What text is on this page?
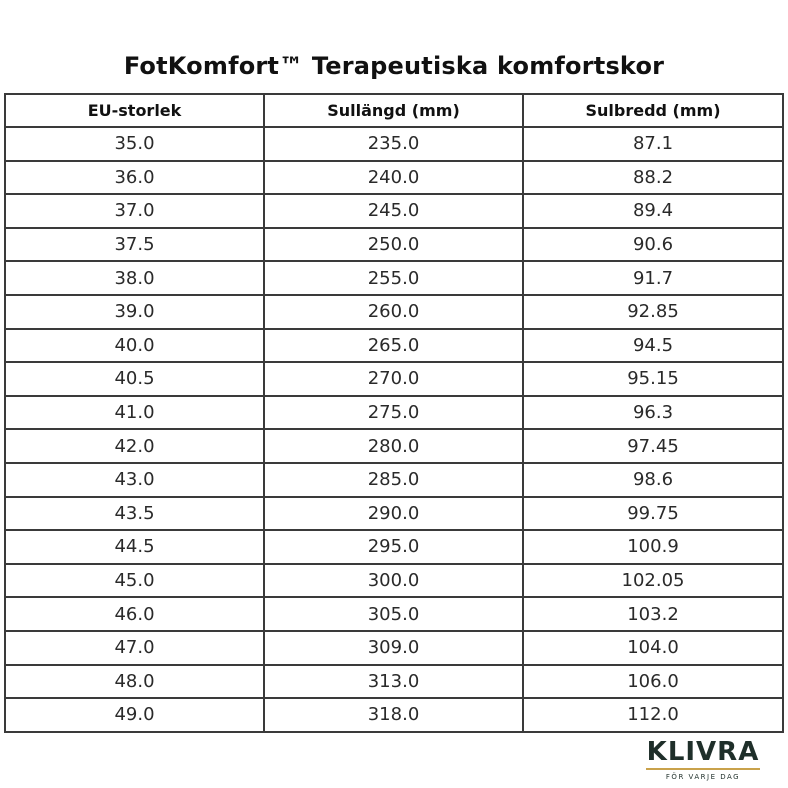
FotKomfort™ Terapeutiska komfortskor
EU-storlek	Sullängd (mm)	Sulbredd (mm)
35.0	235.0	87.1
36.0	240.0	88.2
37.0	245.0	89.4
37.5	250.0	90.6
38.0	255.0	91.7
39.0	260.0	92.85
40.0	265.0	94.5
40.5	270.0	95.15
41.0	275.0	96.3
42.0	280.0	97.45
43.0	285.0	98.6
43.5	290.0	99.75
44.5	295.0	100.9
45.0	300.0	102.05
46.0	305.0	103.2
47.0	309.0	104.0
48.0	313.0	106.0
49.0	318.0	112.0
KLIVRA
FÖR VARJE DAG
